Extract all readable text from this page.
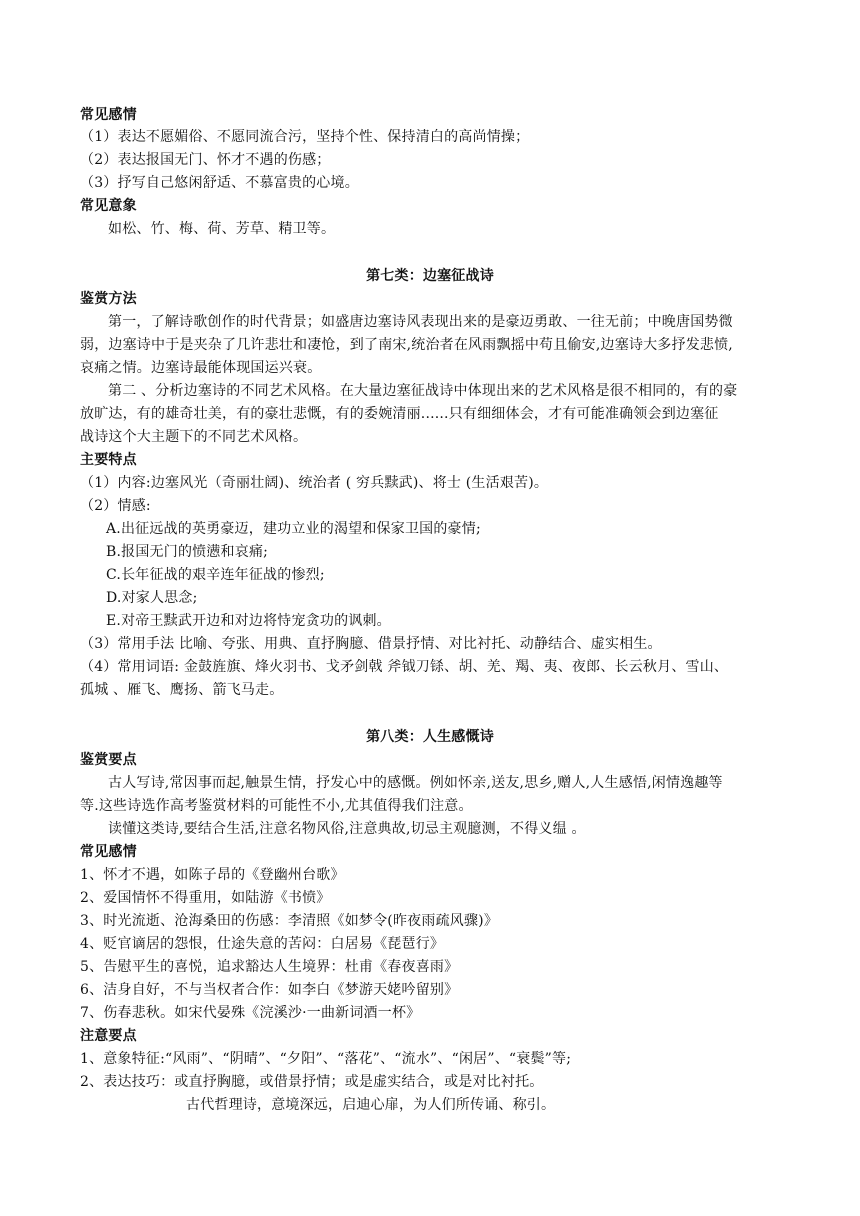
常见感情
（1）表达不愿媚俗、不愿同流合污，坚持个性、保持清白的高尚情操；
（2）表达报国无门、怀才不遇的伤感；
（3）抒写自己悠闲舒适、不慕富贵的心境。
常见意象
如松、竹、梅、荷、芳草、精卫等。
第七类：边塞征战诗
鉴赏方法
第一，了解诗歌创作的时代背景；如盛唐边塞诗风表现出来的是豪迈勇敢、一往无前；中晚唐国势微
弱，边塞诗中于是夹杂了几许悲壮和凄怆，到了南宋,统治者在风雨飘摇中苟且偷安,边塞诗大多抒发悲愤,
哀痛之情。边塞诗最能体现国运兴衰。
第二 、分析边塞诗的不同艺术风格。在大量边塞征战诗中体现出来的艺术风格是很不相同的，有的豪
放旷达，有的雄奇壮美，有的豪壮悲慨，有的委婉清丽......只有细细体会，才有可能准确领会到边塞征
战诗这个大主题下的不同艺术风格。
主要特点
（1）内容:边塞风光（奇丽壮阔)、统治者 ( 穷兵黩武)、将士 (生活艰苦)。
（2）情感:
A.出征远战的英勇豪迈，建功立业的渴望和保家卫国的豪情;
B.报国无门的愤懑和哀痛;
C.长年征战的艰辛连年征战的惨烈;
D.对家人思念;
E.对帝王黩武开边和对边将恃宠贪功的讽刺。
（3）常用手法 比喻、夸张、用典、直抒胸臆、借景抒情、对比衬托、动静结合、虚实相生。
（4）常用词语: 金鼓旌旗、烽火羽书、戈矛剑戟 斧钺刀铩、胡、羌、羯、夷、夜郎、长云秋月、雪山、
孤城 、雁飞、鹰扬、箭飞马走。
第八类：人生感慨诗
鉴赏要点
古人写诗,常因事而起,触景生情，抒发心中的感慨。例如怀亲,送友,思乡,赠人,人生感悟,闲情逸趣等
等.这些诗选作高考鉴赏材料的可能性不小,尤其值得我们注意。
读懂这类诗,要结合生活,注意名物风俗,注意典故,切忌主观臆测，不得义缊 。
常见感情
1、怀才不遇，如陈子昂的《登幽州台歌》
2、爱国情怀不得重用，如陆游《书愤》
3、时光流逝、沧海桑田的伤感：李清照《如梦令(昨夜雨疏风骤)》
4、贬官谪居的怨恨，仕途失意的苦闷：白居易《琵琶行》
5、告慰平生的喜悦，追求豁达人生境界：杜甫《春夜喜雨》
6、洁身自好，不与当权者合作：如李白《梦游天姥吟留别》
7、伤春悲秋。如宋代晏殊《浣溪沙·一曲新词酒一杯》
注意要点
1、意象特征:“风雨”、“阴晴”、“夕阳”、“落花”、“流水”、“闲居”、“衰鬓”等;
2、表达技巧：或直抒胸臆，或借景抒情；或是虚实结合，或是对比衬托。
古代哲理诗，意境深远，启迪心扉，为人们所传诵、称引。
